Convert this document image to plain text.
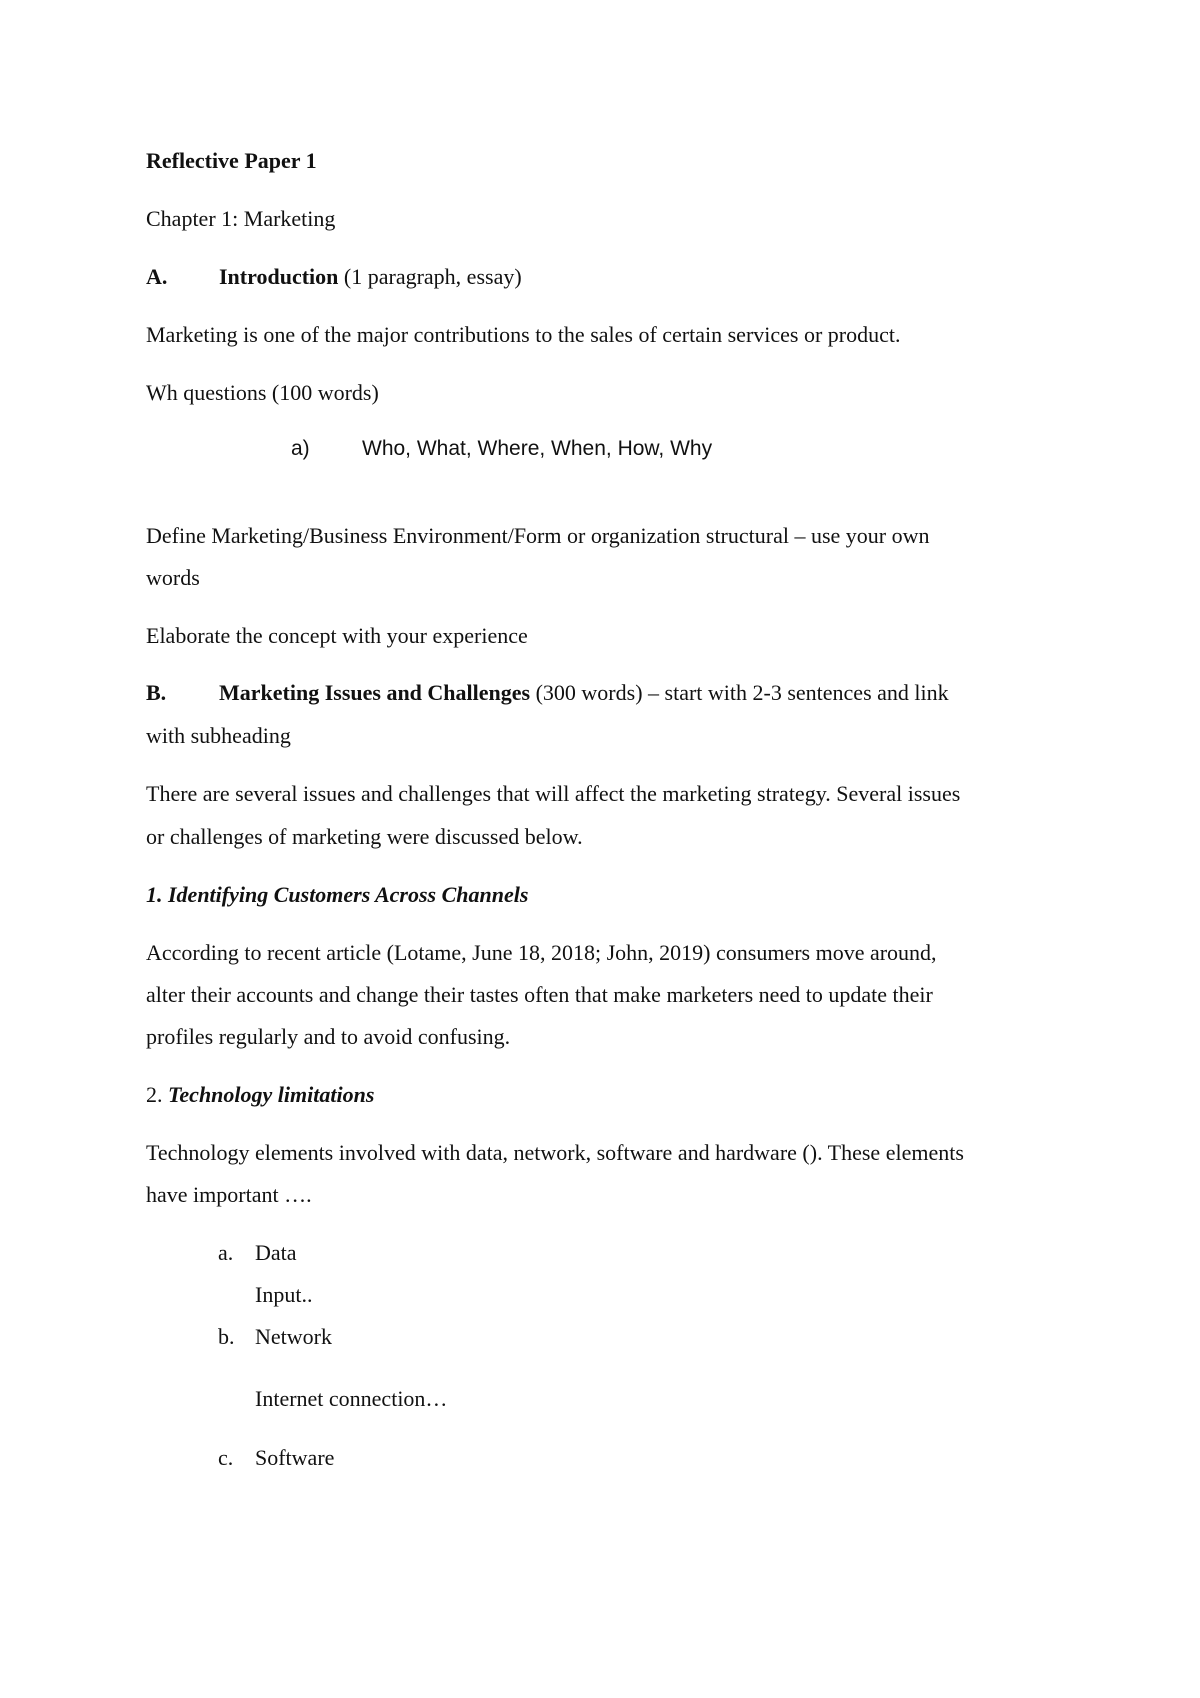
Reflective Paper 1
Chapter 1: Marketing
A. Introduction (1 paragraph, essay)
Marketing is one of the major contributions to the sales of certain services or product.
Wh questions (100 words)
a) Who, What, Where, When, How, Why
Define Marketing/Business Environment/Form or organization structural – use your own
words
Elaborate the concept with your experience
B. Marketing Issues and Challenges (300 words) – start with 2-3 sentences and link
with subheading
There are several issues and challenges that will affect the marketing strategy. Several issues
or challenges of marketing were discussed below.
1. Identifying Customers Across Channels
According to recent article (Lotame, June 18, 2018; John, 2019) consumers move around,
alter their accounts and change their tastes often that make marketers need to update their
profiles regularly and to avoid confusing.
2. Technology limitations
Technology elements involved with data, network, software and hardware (). These elements
have important ….
a. Data
Input..
b. Network
Internet connection…
c. Software
